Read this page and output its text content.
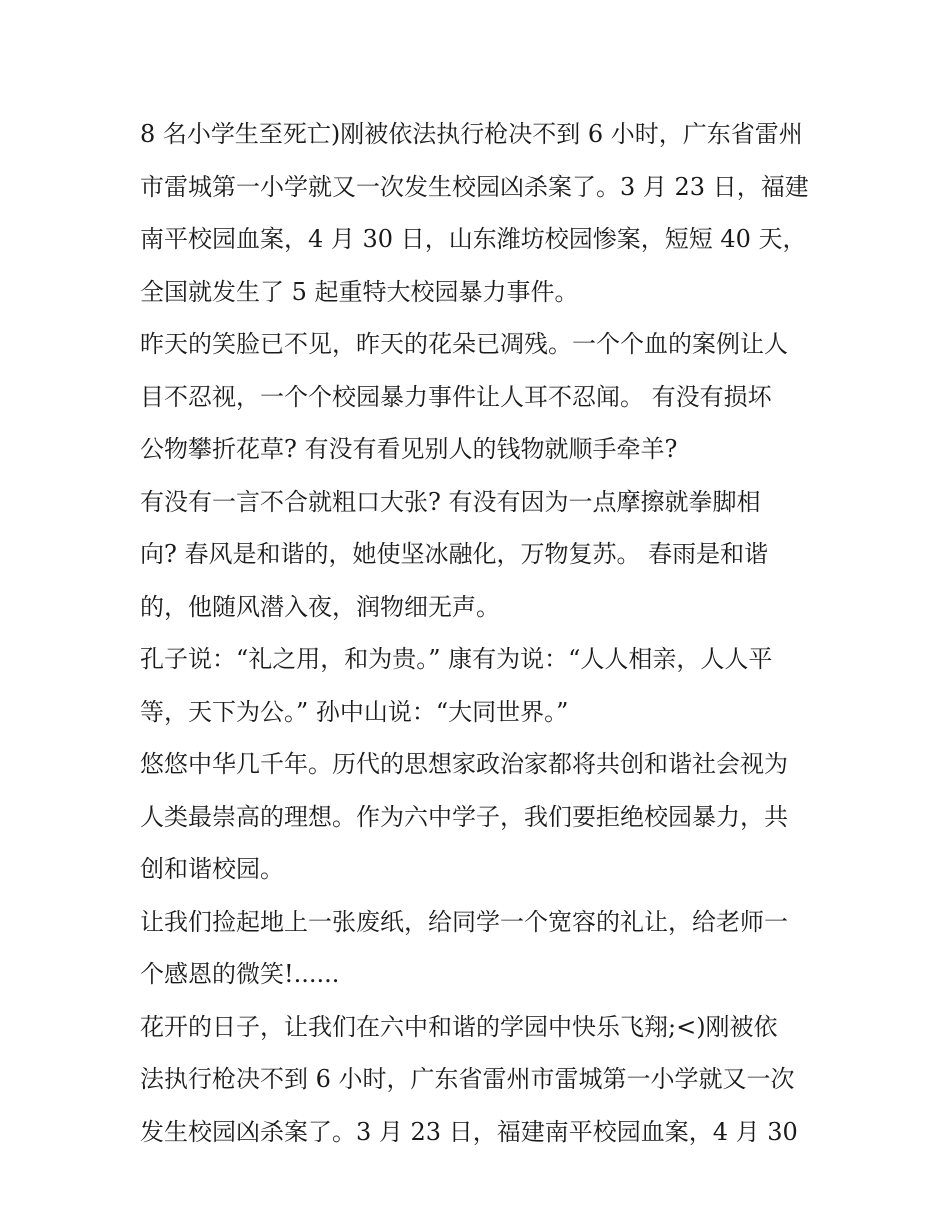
8 名小学生至死亡)刚被依法执行枪决不到 6 小时，广东省雷州
市雷城第一小学就又一次发生校园凶杀案了。3 月 23 日，福建
南平校园血案，4 月 30 日，山东潍坊校园惨案，短短 40 天，
全国就发生了 5 起重特大校园暴力事件。
昨天的笑脸已不见，昨天的花朵已凋残。一个个血的案例让人
目不忍视，一个个校园暴力事件让人耳不忍闻。 有没有损坏
公物攀折花草? 有没有看见别人的钱物就顺手牵羊?
有没有一言不合就粗口大张? 有没有因为一点摩擦就拳脚相
向? 春风是和谐的，她使坚冰融化，万物复苏。 春雨是和谐
的，他随风潜入夜，润物细无声。
孔子说：“礼之用，和为贵。” 康有为说：“人人相亲，人人平
等，天下为公。” 孙中山说：“大同世界。”
悠悠中华几千年。历代的思想家政治家都将共创和谐社会视为
人类最崇高的理想。作为六中学子，我们要拒绝校园暴力，共
创和谐校园。
让我们捡起地上一张废纸，给同学一个宽容的礼让，给老师一
个感恩的微笑!......
花开的日子，让我们在六中和谐的学园中快乐飞翔;<)刚被依
法执行枪决不到 6 小时，广东省雷州市雷城第一小学就又一次
发生校园凶杀案了。3 月 23 日，福建南平校园血案，4 月 30
